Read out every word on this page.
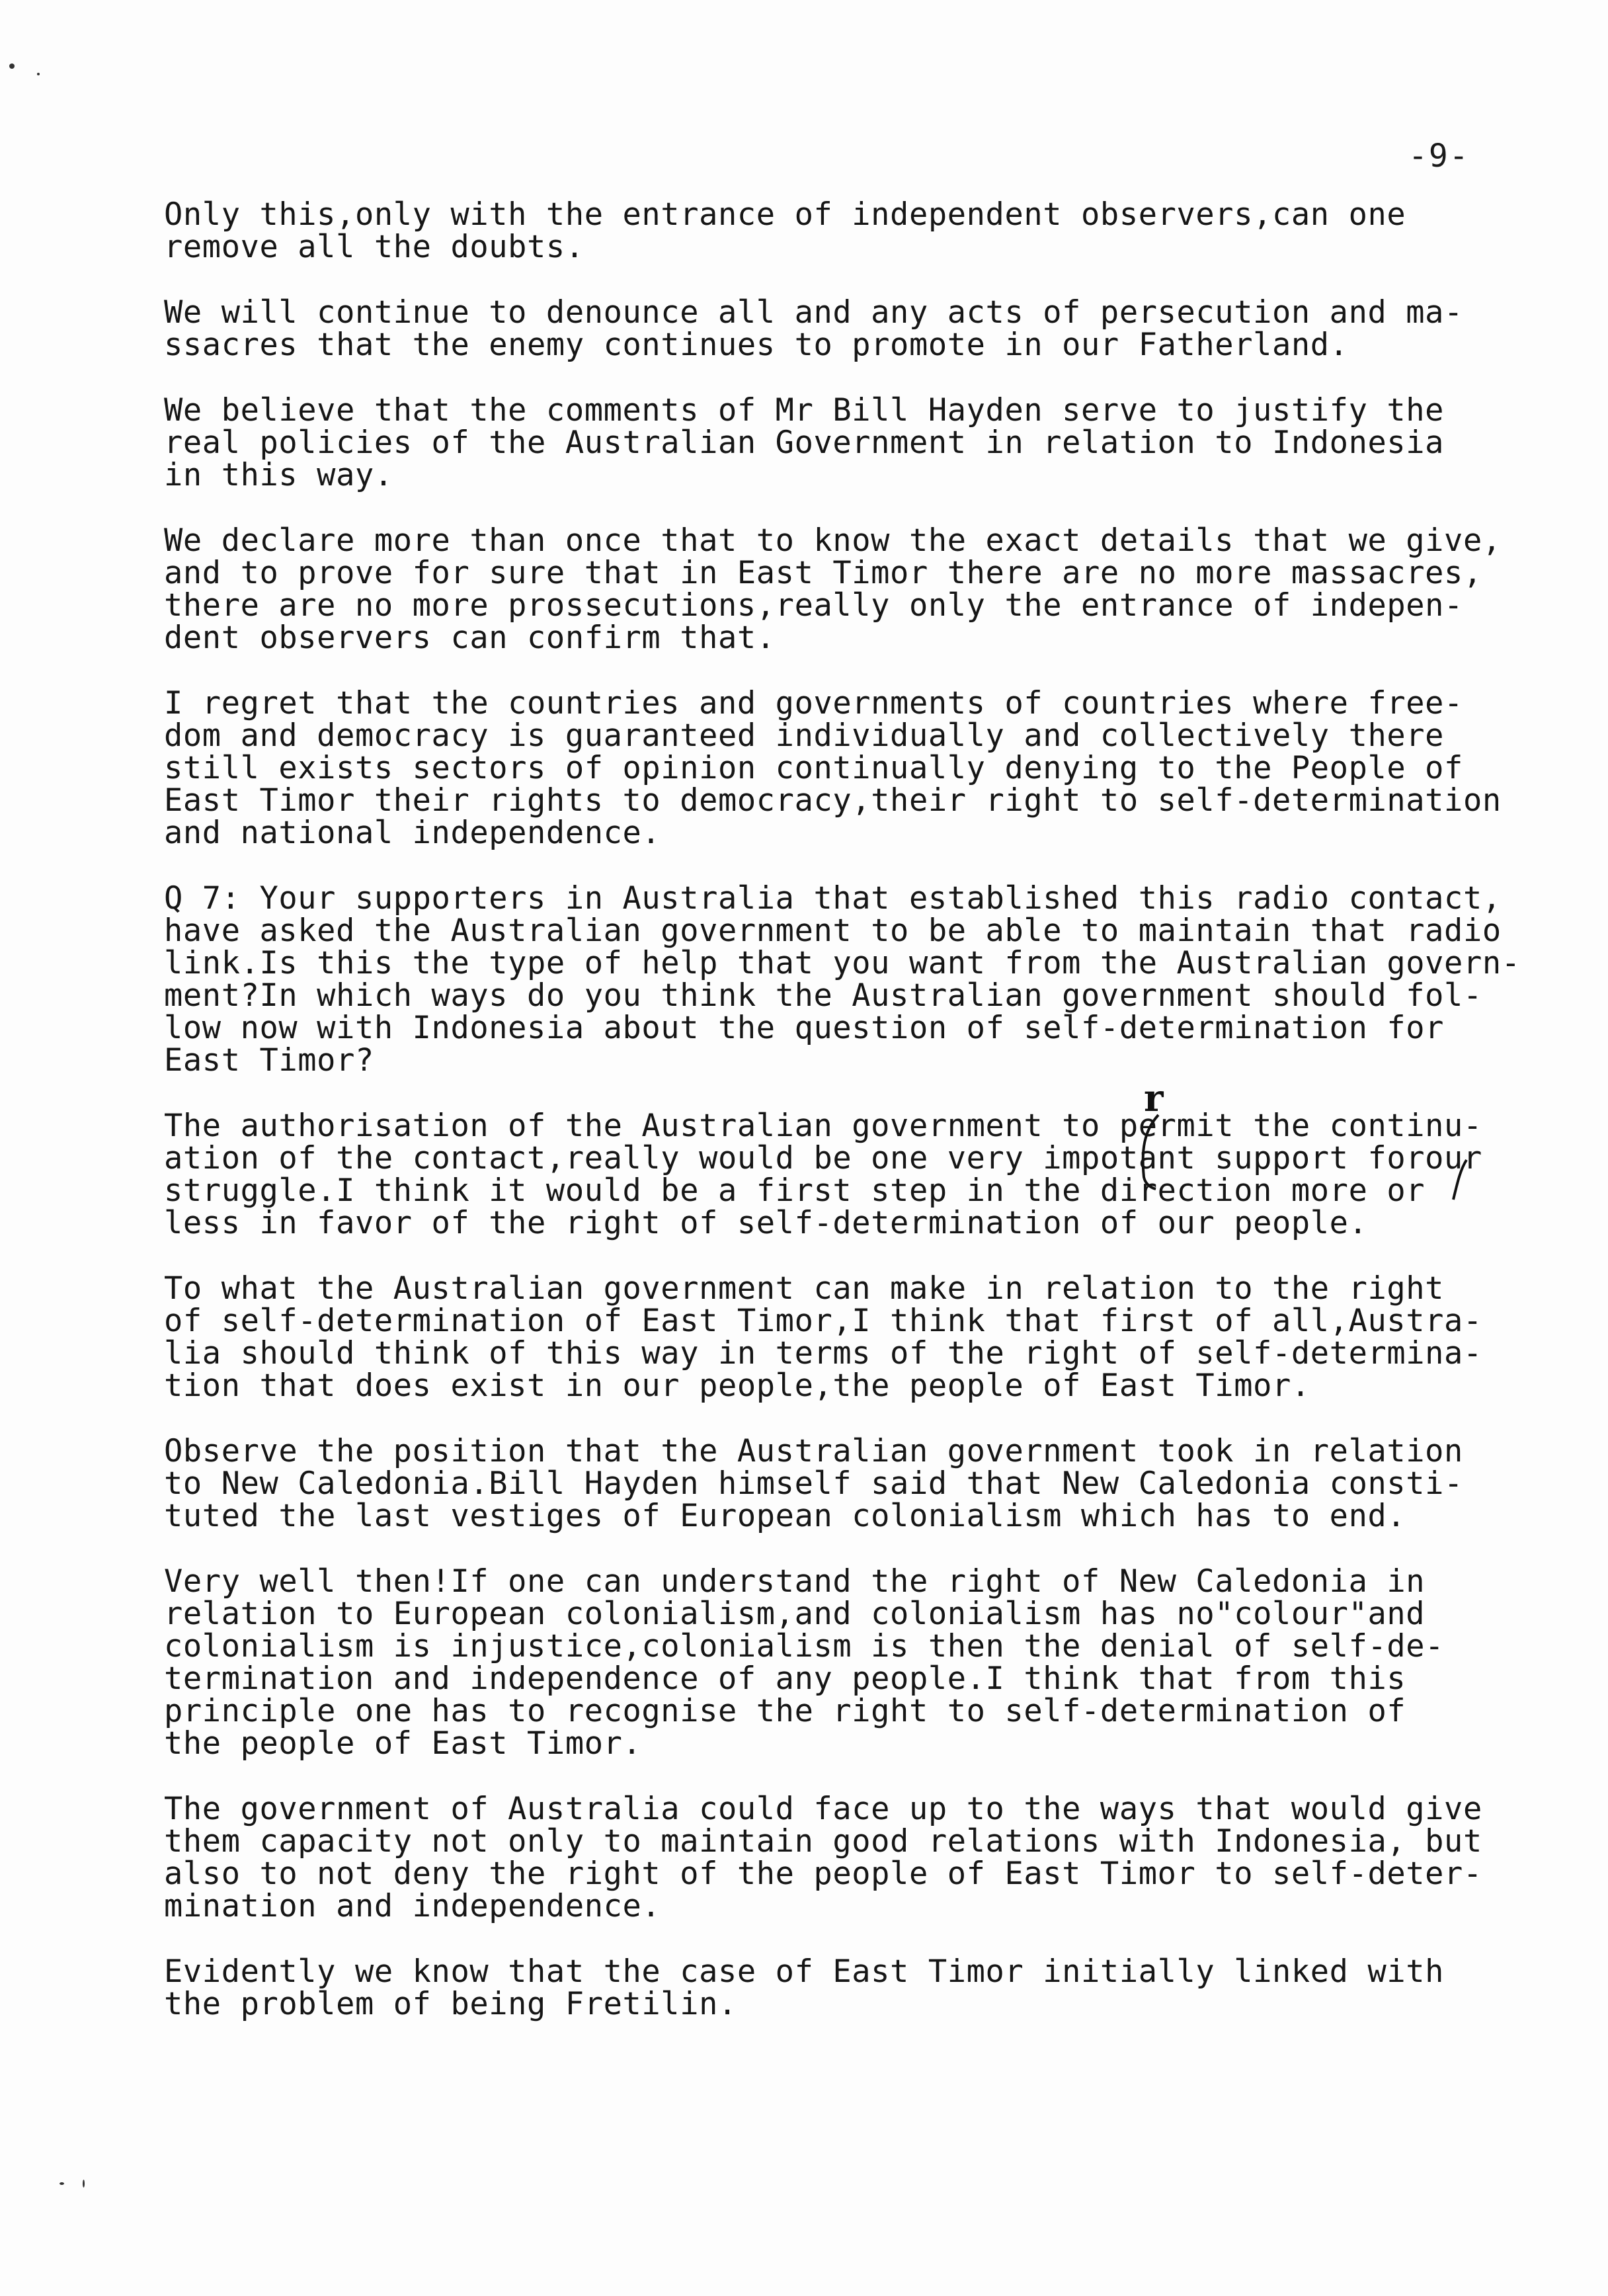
-9-

Only this,only with the entrance of independent observers,can one
remove all the doubts.

We will continue to denounce all and any acts of persecution and ma-
ssacres that the enemy continues to promote in our Fatherland.

We believe that the comments of Mr Bill Hayden serve to justify the
real policies of the Australian Government in relation to Indonesia
in this way.

We declare more than once that to know the exact details that we give,
and to prove for sure that in East Timor there are no more massacres,
there are no more prossecutions,really only the entrance of indepen-
dent observers can confirm that.

I regret that the countries and governments of countries where free-
dom and democracy is guaranteed individually and collectively there
still exists sectors of opinion continually denying to the People of
East Timor their rights to democracy,their right to self-determination
and national independence.

Q 7: Your supporters in Australia that established this radio contact,
have asked the Australian government to be able to maintain that radio
link.Is this the type of help that you want from the Australian govern-
ment?In which ways do you think the Australian government should fol-
low now with Indonesia about the question of self-determination for
East Timor?

The authorisation of the Australian government to permit the continu-
ation of the contact,really would be one very impotant support forour
struggle.I think it would be a first step in the direction more or
less in favor of the right of self-determination of our people.

To what the Australian government can make in relation to the right
of self-determination of East Timor,I think that first of all,Austra-
lia should think of this way in terms of the right of self-determina-
tion that does exist in our people,the people of East Timor.

Observe the position that the Australian government took in relation
to New Caledonia.Bill Hayden himself said that New Caledonia consti-
tuted the last vestiges of European colonialism which has to end.

Very well then!If one can understand the right of New Caledonia in
relation to European colonialism,and colonialism has no"colour"and
colonialism is injustice,colonialism is then the denial of self-de-
termination and independence of any people.I think that from this
principle one has to recognise the right to self-determination of
the people of East Timor.

The government of Australia could face up to the ways that would give
them capacity not only to maintain good relations with Indonesia, but
also to not deny the right of the people of East Timor to self-deter-
mination and independence.

Evidently we know that the case of East Timor initially linked with
the problem of being Fretilin.

r
